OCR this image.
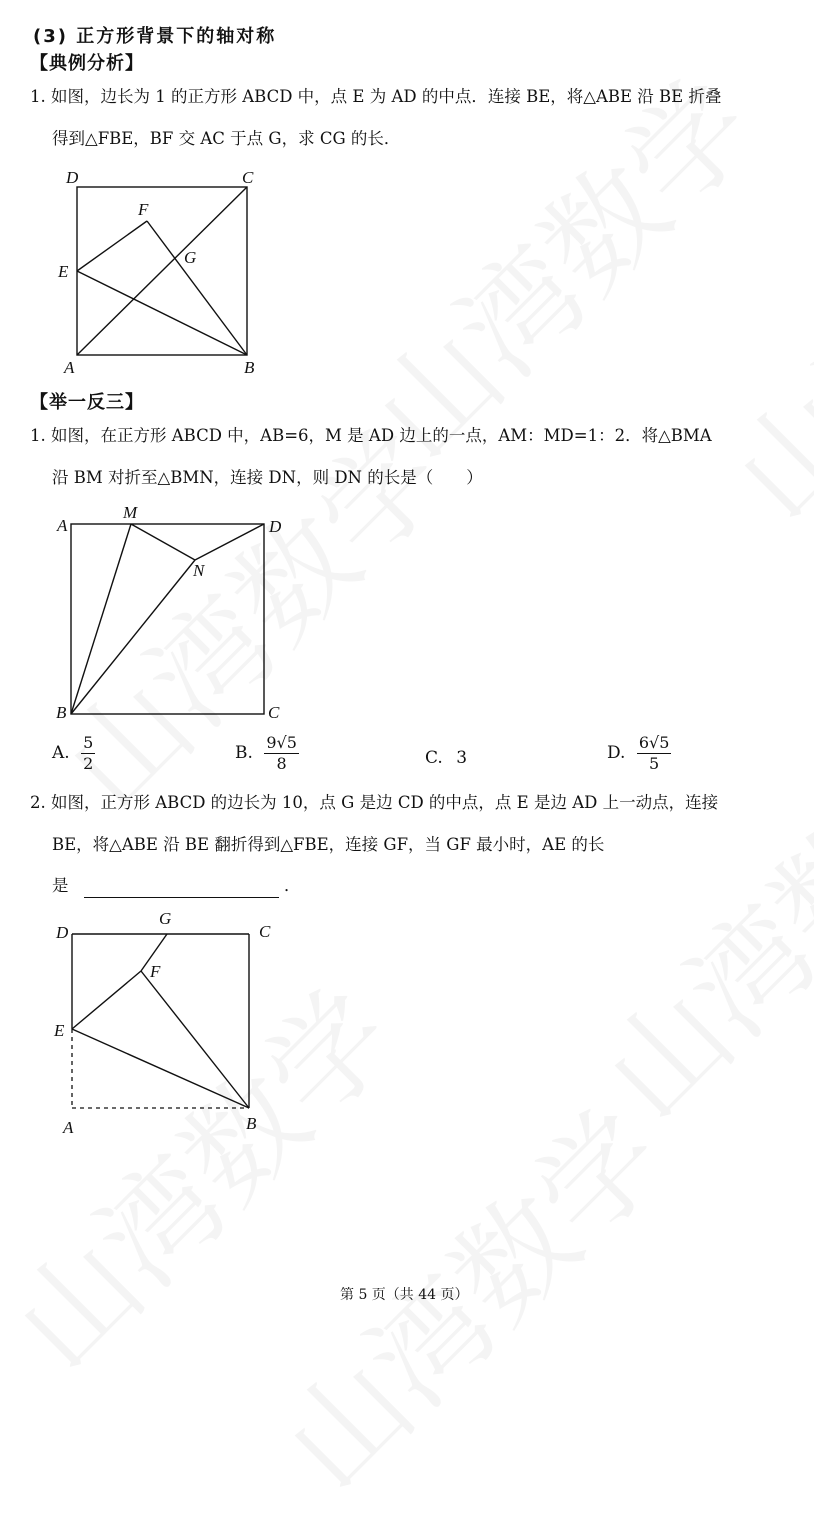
(3) 正方形背景下的轴对称
【典例分析】
1. 如图，边长为 1 的正方形 ABCD 中，点 E 为 AD 的中点．连接 BE，将△ABE 沿 BE 折叠
得到△FBE，BF 交 AC 于点 G，求 CG 的长．
D	C
F
G
E
A	B
【举一反三】
1. 如图，在正方形 ABCD 中，AB=6，M 是 AD 边上的一点，AM：MD=1：2．将△BMA
沿 BM 对折至△BMN，连接 DN，则 DN 的长是（　　）
A
M
D
N
B	C
A. $\frac{5}{2}$	B. $\frac{9√5}{8}$	C. 3	D. $\frac{6√5}{5}$
2. 如图，正方形 ABCD 的边长为 10，点 G 是边 CD 的中点，点 E 是边 AD 上一动点，连接
BE，将△ABE 沿 BE 翻折得到△FBE，连接 GF，当 GF 最小时，AE 的长
是	．
D
G
C
F
E
A	B
第 5 页（共 44 页）
